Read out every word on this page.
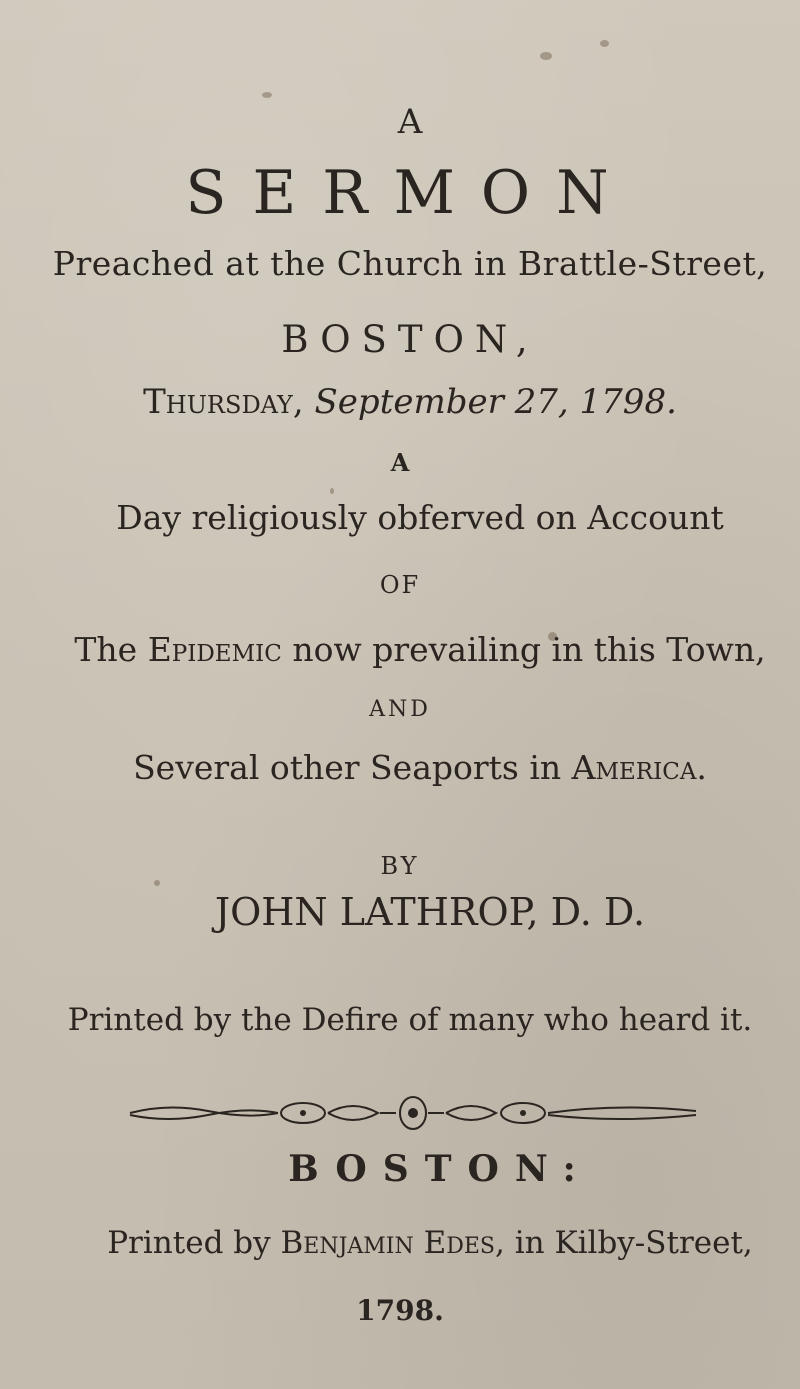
A
SERMON
Preached at the Church in Brattle-Street,
BOSTON,
Thursday, September 27, 1798.
A
Day religiously obferved on Account
OF
The Epidemic now prevailing in this Town,
AND
Several other Seaports in America.
BY
JOHN LATHROP, D. D.
Printed by the Defire of many who heard it.
BOSTON:
Printed by Benjamin Edes, in Kilby-Street,
1798.
